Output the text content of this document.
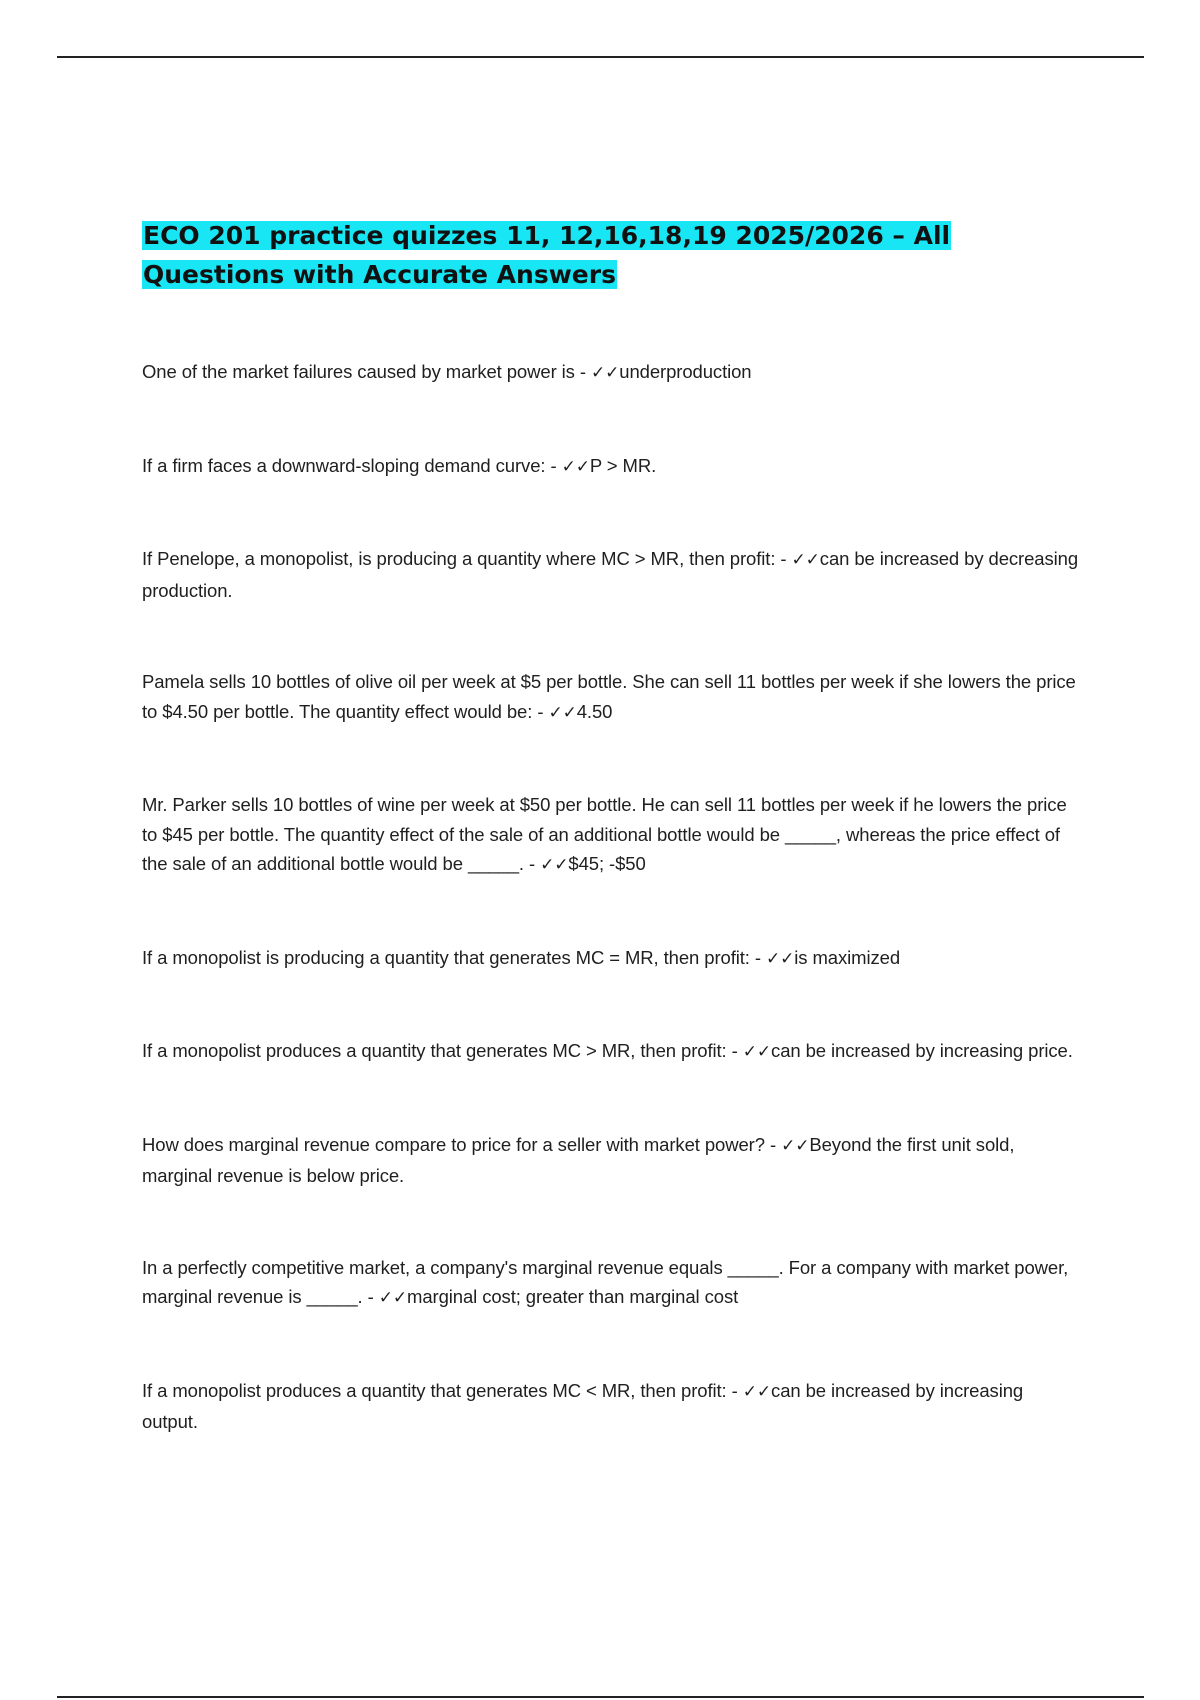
ECO 201 practice quizzes 11, 12,16,18,19 2025/2026 – All
Questions with Accurate Answers

One of the market failures caused by market power is - ✓✓underproduction

If a firm faces a downward-sloping demand curve: - ✓✓P > MR.

If Penelope, a monopolist, is producing a quantity where MC > MR, then profit: - ✓✓can be increased by decreasing production.

Pamela sells 10 bottles of olive oil per week at $5 per bottle. She can sell 11 bottles per week if she lowers the price to $4.50 per bottle. The quantity effect would be: - ✓✓4.50

Mr. Parker sells 10 bottles of wine per week at $50 per bottle. He can sell 11 bottles per week if he lowers the price to $45 per bottle. The quantity effect of the sale of an additional bottle would be _____, whereas the price effect of the sale of an additional bottle would be _____. - ✓✓$45; -$50

If a monopolist is producing a quantity that generates MC = MR, then profit: - ✓✓is maximized

If a monopolist produces a quantity that generates MC > MR, then profit: - ✓✓can be increased by increasing price.

How does marginal revenue compare to price for a seller with market power? - ✓✓Beyond the first unit sold, marginal revenue is below price.

In a perfectly competitive market, a company's marginal revenue equals _____. For a company with market power, marginal revenue is _____. - ✓✓marginal cost; greater than marginal cost

If a monopolist produces a quantity that generates MC < MR, then profit: - ✓✓can be increased by increasing output.
